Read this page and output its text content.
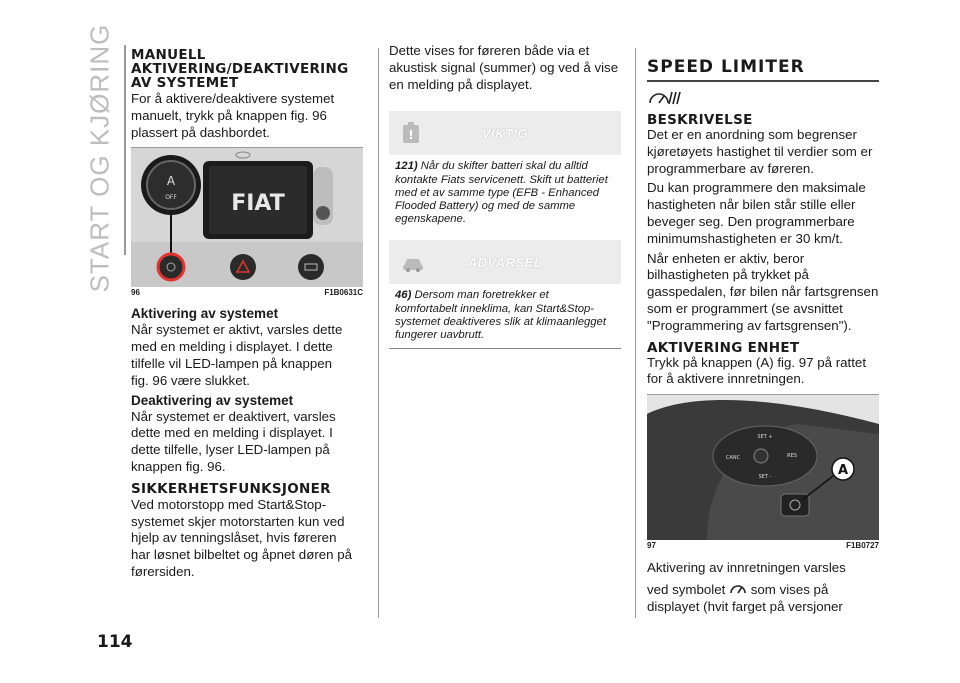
START OG KJØRING
114
MANUELL
AKTIVERING/DEAKTIVERING
AV SYSTEMET

For å aktivere/deaktivere systemet
manuelt, trykk på knappen fig. 96
plassert på dashbordet.

FIAT
A
OFF
96	F1B0631C
Aktivering av systemet

Når systemet er aktivt, varsles dette
med en melding i displayet. I dette
tilfelle vil LED-lampen på knappen
fig. 96 være slukket.

Deaktivering av systemet

Når systemet er deaktivert, varsles
dette med en melding i displayet. I
dette tilfelle, lyser LED-lampen på
knappen fig. 96.

SIKKERHETSFUNKSJONER

Ved motorstopp med Start&Stop-
systemet skjer motorstarten kun ved
hjelp av tenningslåset, hvis føreren
har løsnet bilbeltet og åpnet døren på
førersiden.

Dette vises for føreren både via et
akustisk signal (summer) og ved å vise
en melding på displayet.

!	VIKTIG
121) Når du skifter batteri skal du alltid
kontakte Fiats servicenett. Skift ut batteriet
med et av samme type (EFB - Enhanced
Flooded Battery) og med de samme
egenskapene.
ADVARSEL
46) Dersom man foretrekker et
komfortabelt inneklima, kan Start&Stop-
systemet deaktiveres slik at klimaanlegget
fungerer uavbrutt.
SPEED LIMITER
BESKRIVELSE

Det er en anordning som begrenser
kjøretøyets hastighet til verdier som er
programmerbare av føreren.

Du kan programmere den maksimale
hastigheten når bilen står stille eller
beveger seg. Den programmerbare
minimumshastigheten er 30 km/t.

Når enheten er aktiv, beror
bilhastigheten på trykket på
gasspedalen, før bilen når fartsgrensen
som er programmert (se avsnittet
"Programmering av fartsgrensen").

AKTIVERING ENHET

Trykk på knappen (A) fig. 97 på rattet
for å aktivere innretningen.

SET +
CANC	RES
SET -	A
97	F1B0727

Aktivering av innretningen varsles

ved symbolet som vises på

displayet (hvit farget på versjoner
